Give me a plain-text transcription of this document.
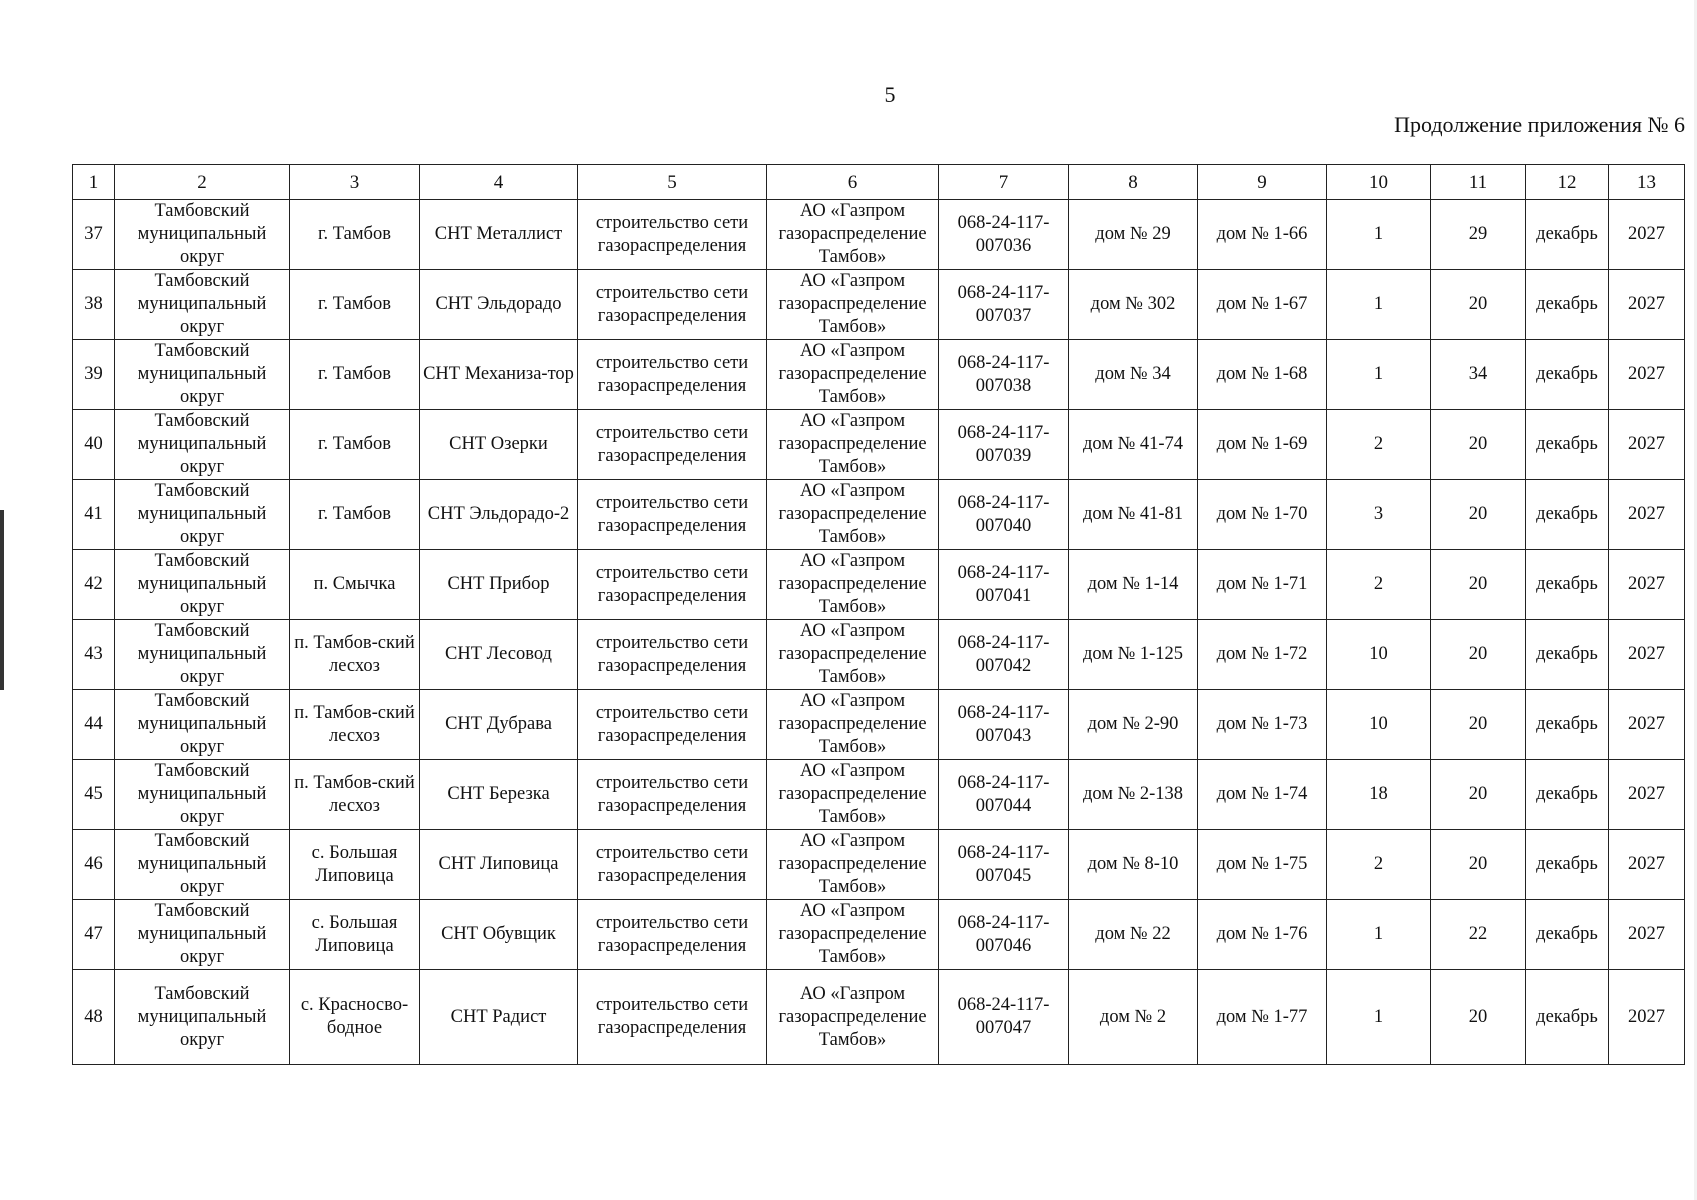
5
Продолжение приложения № 6
1	2	3	4	5	6	7	8	9	10	11	12	13
37	Тамбовский муниципальный округ	г. Тамбов	СНТ Металлист	строительство сети газораспределения	АО «Газпром газораспределение Тамбов»	068-24-117-007036	дом № 29	дом № 1-66	1	29	декабрь	2027
38	Тамбовский муниципальный округ	г. Тамбов	СНТ Эльдорадо	строительство сети газораспределения	АО «Газпром газораспределение Тамбов»	068-24-117-007037	дом № 302	дом № 1-67	1	20	декабрь	2027
39	Тамбовский муниципальный округ	г. Тамбов	СНТ Механиза-тор	строительство сети газораспределения	АО «Газпром газораспределение Тамбов»	068-24-117-007038	дом № 34	дом № 1-68	1	34	декабрь	2027
40	Тамбовский муниципальный округ	г. Тамбов	СНТ Озерки	строительство сети газораспределения	АО «Газпром газораспределение Тамбов»	068-24-117-007039	дом № 41-74	дом № 1-69	2	20	декабрь	2027
41	Тамбовский муниципальный округ	г. Тамбов	СНТ Эльдорадо-2	строительство сети газораспределения	АО «Газпром газораспределение Тамбов»	068-24-117-007040	дом № 41-81	дом № 1-70	3	20	декабрь	2027
42	Тамбовский муниципальный округ	п. Смычка	СНТ Прибор	строительство сети газораспределения	АО «Газпром газораспределение Тамбов»	068-24-117-007041	дом № 1-14	дом № 1-71	2	20	декабрь	2027
43	Тамбовский муниципальный округ	п. Тамбов-ский лесхоз	СНТ Лесовод	строительство сети газораспределения	АО «Газпром газораспределение Тамбов»	068-24-117-007042	дом № 1-125	дом № 1-72	10	20	декабрь	2027
44	Тамбовский муниципальный округ	п. Тамбов-ский лесхоз	СНТ Дубрава	строительство сети газораспределения	АО «Газпром газораспределение Тамбов»	068-24-117-007043	дом № 2-90	дом № 1-73	10	20	декабрь	2027
45	Тамбовский муниципальный округ	п. Тамбов-ский лесхоз	СНТ Березка	строительство сети газораспределения	АО «Газпром газораспределение Тамбов»	068-24-117-007044	дом № 2-138	дом № 1-74	18	20	декабрь	2027
46	Тамбовский муниципальный округ	с. Большая Липовица	СНТ Липовица	строительство сети газораспределения	АО «Газпром газораспределение Тамбов»	068-24-117-007045	дом № 8-10	дом № 1-75	2	20	декабрь	2027
47	Тамбовский муниципальный округ	с. Большая Липовица	СНТ Обувщик	строительство сети газораспределения	АО «Газпром газораспределение Тамбов»	068-24-117-007046	дом № 22	дом № 1-76	1	22	декабрь	2027
48	Тамбовский муниципальный округ	с. Красносво-бодное	СНТ Радист	строительство сети газораспределения	АО «Газпром газораспределение Тамбов»	068-24-117-007047	дом № 2	дом № 1-77	1	20	декабрь	2027
